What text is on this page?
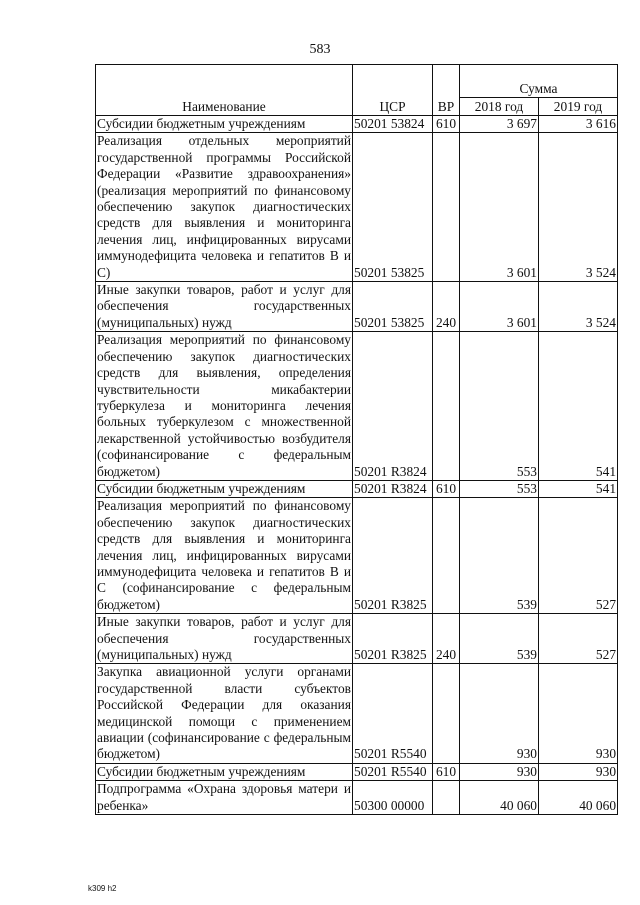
583
Наименование	ЦСР	ВР	Сумма	
			2018 год	2019 год
Субсидии бюджетным учреждениям	50201 53824	610	3 697	3 616
Реализация отдельных мероприятий государственной программы Российской Федерации «Развитие здравоохранения» (реализация мероприятий по финансовому обеспечению закупок диагностических средств для выявления и мониторинга лечения лиц, инфицированных вирусами иммунодефицита человека и гепатитов В и С)	50201 53825		3 601	3 524
Иные закупки товаров, работ и услуг для обеспечения государственных (муниципальных) нужд	50201 53825	240	3 601	3 524
Реализация мероприятий по финансовому обеспечению закупок диагностических средств для выявления, определения чувствительности микабактерии туберкулеза и мониторинга лечения больных туберкулезом с множественной лекарственной устойчивостью возбудителя (софинансирование с федеральным бюджетом)	50201 R3824		553	541
Субсидии бюджетным учреждениям	50201 R3824	610	553	541
Реализация мероприятий по финансовому обеспечению закупок диагностических средств для выявления и мониторинга лечения лиц, инфицированных вирусами иммунодефицита человека и гепатитов В и С (софинансирование с федеральным бюджетом)	50201 R3825		539	527
Иные закупки товаров, работ и услуг для обеспечения государственных (муниципальных) нужд	50201 R3825	240	539	527
Закупка авиационной услуги органами государственной власти субъектов Российской Федерации для оказания медицинской помощи с применением авиации (софинансирование с федеральным бюджетом)	50201 R5540		930	930
Субсидии бюджетным учреждениям	50201 R5540	610	930	930
Подпрограмма «Охрана здоровья матери и ребенка»	50300 00000		40 060	40 060
k309 h2
